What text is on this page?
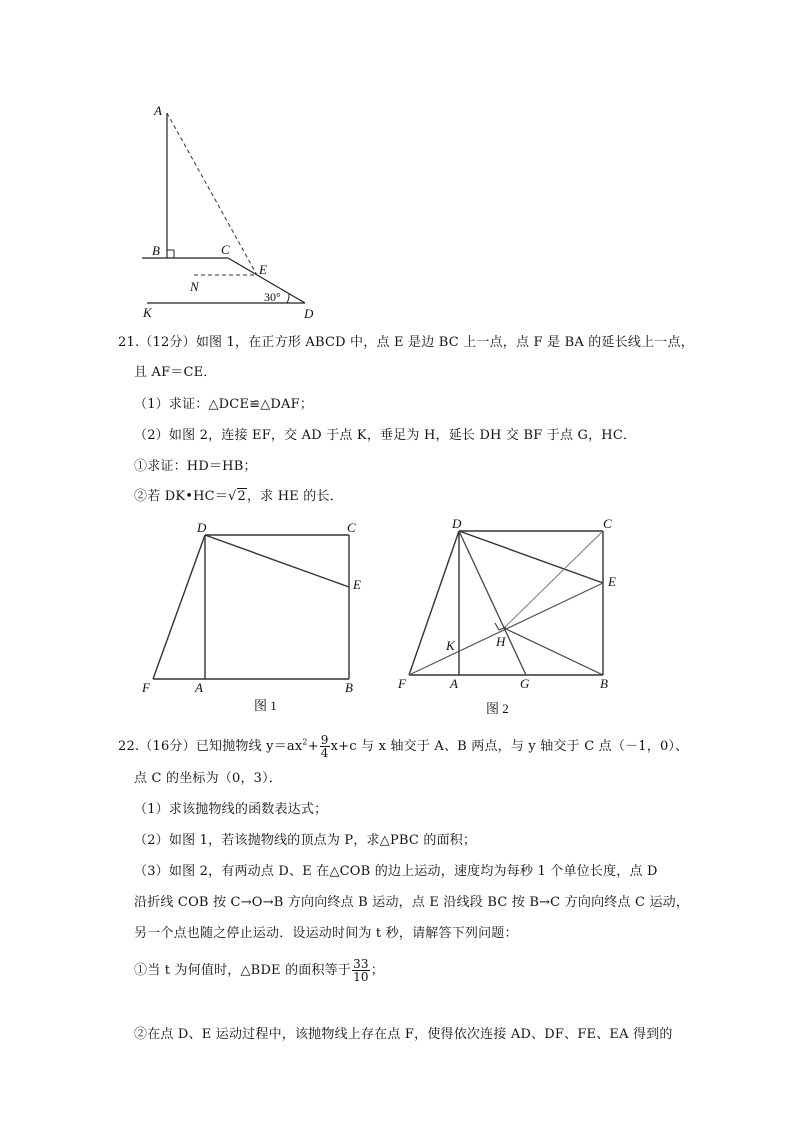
A
B	C
E
N
K	D
30°
21.（12分）如图 1，在正方形 ABCD 中，点 E 是边 BC 上一点，点 F 是 BA 的延长线上一点，
且 AF＝CE．
（1）求证：△DCE≌△DAF；
（2）如图 2，连接 EF，交 AD 于点 K，垂足为 H，延长 DH 交 BF 于点 G，HC．
①求证：HD＝HB；
②若 DK•HC＝√2，求 HE 的长．
D	C
E
F	A	B
图 1
D	C
E
H
K
F	A	G	B
图 2
22.（16分）已知抛物线 $y=ax^2+ \frac{9}{4} x+c$ 与 x 轴交于 A、B 两点，与 y 轴交于 C 点（－1，0）、
点 C 的坐标为（0，3）．
（1）求该抛物线的函数表达式；
（2）如图 1，若该抛物线的顶点为 P，求△PBC 的面积；
（3）如图 2，有两动点 D、E 在△COB 的边上运动，速度均为每秒 1 个单位长度，点 D
沿折线 COB 按 C→O→B 方向向终点 B 运动，点 E 沿线段 BC 按 B→C 方向向终点 C 运动，
另一个点也随之停止运动．设运动时间为 t 秒，请解答下列问题：
①当 t 为何值时，△BDE 的面积等于 $\frac{33}{10}$ ；
②在点 D、E 运动过程中，该抛物线上存在点 F，使得依次连接 AD、DF、FE、EA 得到的
